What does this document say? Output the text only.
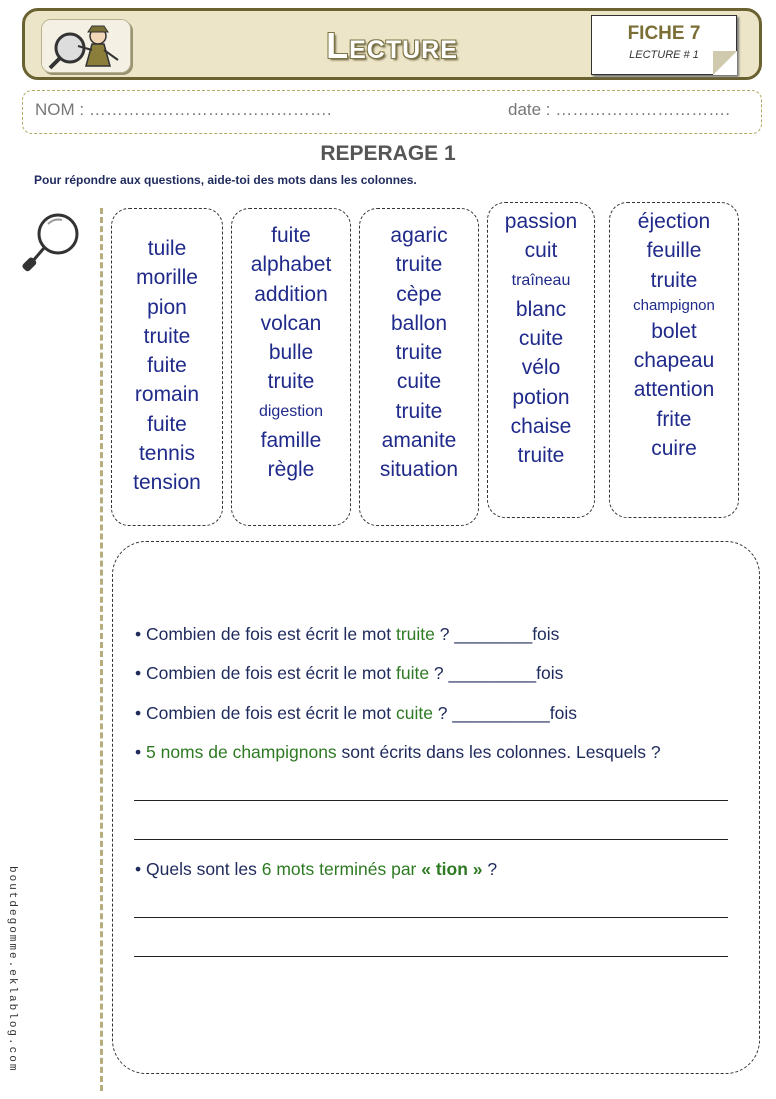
Lecture	FICHE 7
LECTURE # 1
NOM : …………………………………….	date : ………………………….
REPERAGE 1
Pour répondre aux questions, aide-toi des mots dans les colonnes.
tuile
morille
pion
truite
fuite
romain
fuite
tennis
tension
fuite
alphabet
addition
volcan
bulle
truite
digestion
famille
règle
agaric
truite
cèpe
ballon
truite
cuite
truite
amanite
situation
passion
cuit
traîneau
blanc
cuite
vélo
potion
chaise
truite
éjection
feuille
truite
champignon
bolet
chapeau
attention
frite
cuire
• Combien de fois est écrit le mot truite ? ________fois
• Combien de fois est écrit le mot fuite ? _________fois
• Combien de fois est écrit le mot cuite ? __________fois
• 5 noms de champignons sont écrits dans les colonnes. Lesquels ?
• Quels sont les 6 mots terminés par « tion » ?
boutdegomme.eklablog.com
